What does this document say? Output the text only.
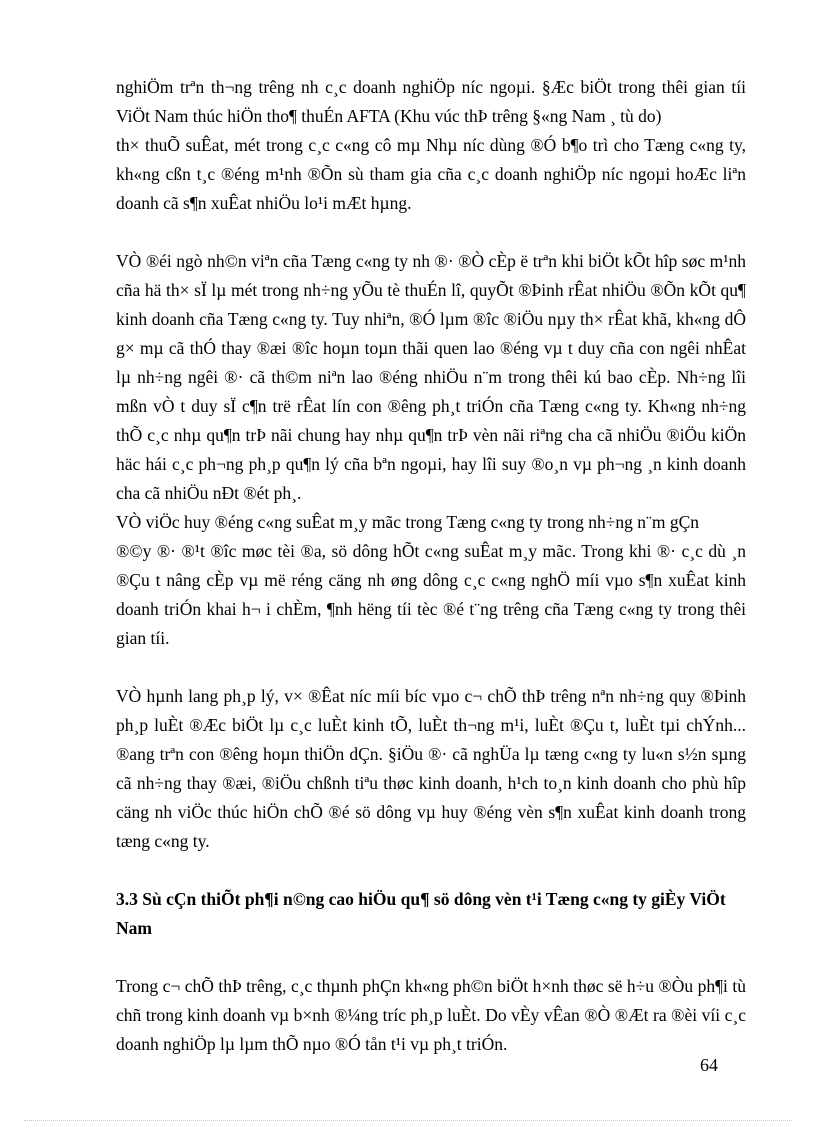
nghiÖm trªn th¬ng trêng nh c¸c doanh nghiÖp níc ngoµi. §Æc biÖt trong thêi gian tíi ViÖt Nam thúc hiÖn tho¶ thuÉn AFTA (Khu vúc thÞ trêng §«ng Nam ¸ tù do)

th× thuÕ suÊat, mét trong c¸c c«ng cô mµ Nhµ níc dùng ®Ó b¶o trì cho Tæng c«ng ty, kh«ng cßn t¸c ®éng m¹nh ®Õn sù tham gia cña c¸c doanh nghiÖp níc ngoµi hoÆc liªn doanh cã s¶n xuÊat nhiÖu lo¹i mÆt hµng.

VÒ ®éi ngò nh©n viªn cña Tæng c«ng ty nh ®· ®Ò cÈp ë trªn khi biÖt kÕt hîp søc m¹nh cña hä th× sÏ lµ mét trong nh÷ng yÕu tè thuÉn lî, quyÕt ®Þinh rÊat nhiÖu ®Õn kÕt qu¶ kinh doanh cña Tæng c«ng ty. Tuy nhiªn, ®Ó lµm ®îc ®iÖu nµy th× rÊat khã, kh«ng dÔ g× mµ cã thÓ thay ®æi ®îc hoµn toµn thãi quen lao ®éng vµ t duy cña con ngêi nhÊat lµ nh÷ng ngêi ®· cã th©m niªn lao ®éng nhiÖu n¨m trong thêi kú bao cÈp. Nh÷ng lîi mßn vÒ t duy sÏ c¶n trë rÊat lín con ®êng ph¸t triÓn cña Tæng c«ng ty. Kh«ng nh÷ng thÕ c¸c nhµ qu¶n trÞ nãi chung hay nhµ qu¶n trÞ vèn nãi riªng cha cã nhiÖu ®iÖu kiÖn häc hái c¸c ph¬ng ph¸p qu¶n lý cña bªn ngoµi, hay lîi suy ®o¸n vµ ph¬ng ¸n kinh doanh cha cã nhiÖu nÐt ®ét ph¸.

VÒ viÖc huy ®éng c«ng suÊat m¸y mãc trong Tæng c«ng ty trong nh÷ng n¨m gÇn

®©y ®· ®¹t ®îc møc tèi ®a, sö dông hÕt c«ng suÊat m¸y mãc. Trong khi ®· c¸c dù ¸n ®Çu t nâng cÈp vµ më réng cäng nh øng dông c¸c c«ng nghÖ míi vµo s¶n xuÊat kinh doanh triÓn khai h¬ i chÈm, ¶nh hëng tíi tèc ®é t¨ng trêng cña Tæng c«ng ty trong thêi gian tíi.

VÒ hµnh lang ph¸p lý, v× ®Êat níc míi bíc vµo c¬ chÕ thÞ trêng nªn nh÷ng quy ®Þinh ph¸p luÈt ®Æc biÖt lµ c¸c luÈt kinh tÕ, luÈt th¬ng m¹i, luÈt ®Çu t, luÈt tµi chÝnh... ®ang trªn con ®êng hoµn thiÖn dÇn. §iÖu ®· cã nghÜa lµ tæng c«ng ty lu«n s½n sµng cã nh÷ng thay ®æi, ®iÖu chßnh tiªu thøc kinh doanh, h¹ch to¸n kinh doanh cho phù hîp cäng nh viÖc thúc hiÖn chÕ ®é sö dông vµ huy ®éng vèn s¶n xuÊat kinh doanh trong tæng c«ng ty.

3.3 Sù cÇn thiÕt ph¶i n©ng cao hiÖu qu¶ sö dông vèn t¹i Tæng c«ng ty giÈy ViÖt Nam

Trong c¬ chÕ thÞ trêng, c¸c thµnh phÇn kh«ng ph©n biÖt h×nh thøc së h÷u ®Òu ph¶i tù chñ trong kinh doanh vµ b×nh ®¼ng tríc ph¸p luÈt. Do vÈy vÊan ®Ò ®Æt ra ®èi víi c¸c doanh nghiÖp lµ lµm thÕ nµo ®Ó tån t¹i vµ ph¸t triÓn.

64
